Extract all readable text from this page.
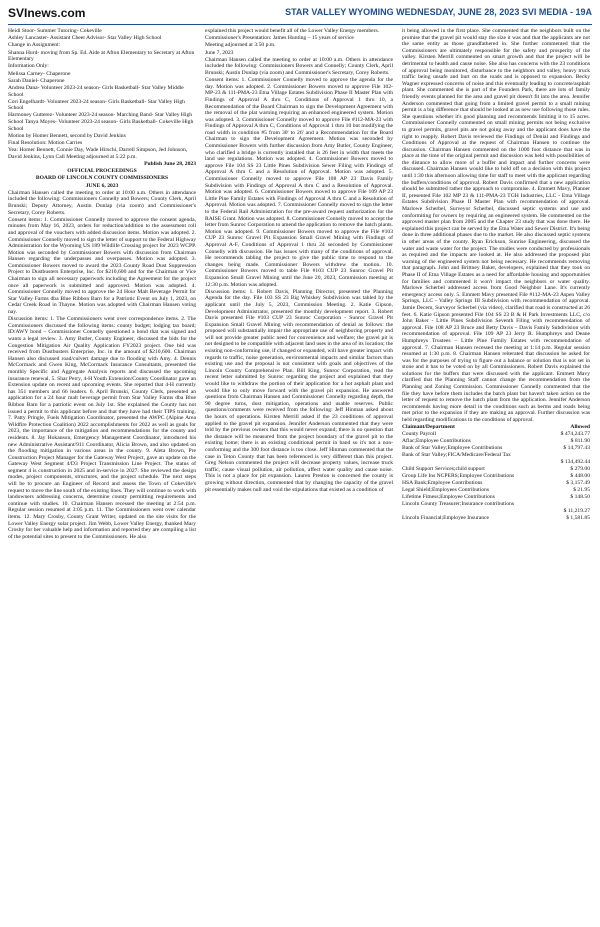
SVInews.com	STAR VALLEY WYOMING WEDNESDAY, JUNE 28, 2023 SVI MEDIA - 19A

Heidi Stoor- Summer Tutoring- Cokeville

Ashley Lancaster- Assistant Cheer Advisor- Star Valley High School

Change in Assignment:

Shanna Hurd- moving from Sp. Ed. Aide at Afton Elementary to Secretary at Afton Elementary

Information Only:

Melissa Carney- Chaperone

Sarah Daniel- Chaperone

Andrea Dana- Volunteer 2023-24 season- Girls Basketball- Star Valley Middle School

Cori Engelhardt- Volunteer 2023-24 season- Girls Basketball- Star Valley High School

Harmoney Gutterez- Volunteer 2023-24 season- Marching Band- Star Valley High School Tanya Moyes- Volunteer 2023-24 season- Girls Basketball- Cokeville High School

Motion by Homer Bennett, second by David Jenkins

Final Resolution: Motion Carries

Yea: Homer Bennett, Connie Day, Wade Hirschi, Darrell Simpson, Jed Johnson, David Jenkins, Lynn Call Meeting adjourned at 5:22 p.m.

Publish June 28, 2023

OFFICIAL PROCEEDINGS

BOARD OF LINCOLN COUNTY COMMISSIONERS

JUNE 6, 2023

Chairman Hansen called the meeting to order at 10:00 a.m. Others in attendance included the following: Commissioners Connelly and Bowers; County Clerk, April Brunski; Deputy Attorney, Austin Dunlap (via zoom) and Commissioner's Secretary, Corey Roberts.

Consent items: 1. Commissioner Connelly moved to approve the consent agenda, minutes from May 16, 2023, orders for reduction/addition to the assessment roll and approval of the vouchers with added discussion items. Motion was adopted. 2. Commissioner Connelly moved to sign the letter of support to the Federal Highway Administration for the Wyoming US 189 Wildlife Crossing project for 2023 WCPP. Motion was seconded by Commissioner Bowers with discussion from Chairman Hansen regarding the underpasses and overpasses. Motion was adopted. 3. Commissioner Bowers moved to award the 2023 County Road Dust Suppression Project to Dustbusters Enterprise, Inc. for $210,600 and for the Chairman or Vice Chairman to sign all necessary paperwork including the Agreement for the project once all paperwork is submitted and approved. Motion was adopted. 4. Commissioner Connelly moved to approve the 24 Hour Malt Beverage Permit for Star Valley Farms dba Blue Ribbon Barn for a Patriotic Event on July 1, 2023, on Cedar Creek Road in Thayne. Motion was adopted with Chairman Hansen voting nay.

Discussion items: 1. The Commissioners went over correspondence items. 2. The Commissioners discussed the following items: county budget; lodging tax board; ID/AWY bond – Commissioner Connelly questioned a bond that was signed and wants a legal review. 3. Amy Butler, County Engineer, discussed the bids for the Congestion Mitigation Air Quality Application FY2023 project. One bid was received from Dustbusters Enterprise, Inc. in the amount of $210,600. Chairman Hansen also discussed road/culvert damage due to flooding with Amy. 4. Dennis McCormack and Gwen King, McCormack Insurance Consultants, presented the monthly Specific and Aggregate Analysis reports and discussed the upcoming insurance renewal. 5. Shar Perry, 4-H Youth Extension/County Coordinator gave an Extension update on recent and upcoming events. She reported that 4-H currently has 351 members and 66 leaders. 6. April Brunski, County Clerk, presented an application for a 24 hour malt beverage permit from Star Valley Farms dba Blue Ribbon Barn for a patriotic event on July 1st. She explained the County has not issued a permit to this applicant before and that they have had their TIPS training. 7. Patty Pringle, Fuels Mitigation Coordinator, presented the AWPC (Alpine Area Wildfire Protection Coalition) 2022 accomplishments for 2022 as well as goals for 2023, the importance of the mitigation and recommendations for the county and residents. 8. Jay Hokanson, Emergency Management Coordinator, introduced his new Administrative Assistant/911 Coordinator, Alicia Brown, and also updated on the flooding mitigation in various areas in the county. 9. Aleta Brown, Pre Construction Project Manager for the Gateway West Project, gave an update on the Gateway West Segment 4/D3 Project Transmission Line Project. The status of segment 4 is construction in 2025 and in-service in 2027. She reviewed the design modes, project components, structures, and the project schedule. The next steps will be to procure an Engineer of Record and assess the Town of Cokeville's request to move the line south of the existing lines. They will continue to work with landowners addressing concerns, determine county permitting requirements and continue with studies. 10. Chairman Hansen recessed the meeting at 2:54 p.m. Regular session resumed at 3:05 p.m. 11. The Commissioners went over calendar items. 12. Mary Crosby, County Grant Writer, updated on the site visits for the Lower Valley Energy solar project. Jim Webb, Lower Valley Energy, thanked Mary Crosby for her valuable help and information and reported they are compiling a list of the potential sites to present to the Commissioners. He also

explained this project would benefit all of the Lower Valley Energy members.

Commissioner's Presentation: James Hunting – 15 years of service

Meeting adjourned at 3:50 p.m.

June 7, 2023

Chairman Hansen called the meeting to order at 10:00 a.m. Others in attendance included the following: Commissioners Bowers and Connelly; County Clerk, April Brunski; Austin Dunlap (via zoom) and Commissioner's Secretary, Corey Roberts.

Consent items: 1. Commissioner Connelly moved to approve the agenda for the day. Motion was adopted. 2. Commissioner Bowers moved to approve File 102-MP-23 & 111-PMA-23 Etna Village Estates Subdivision Phase II Master Plan with Findings of Approval A thru C, Conditions of Approval 1 thru 10, a Recommendation of the Board Chairman to sign the Development Agreement with the removal of the plat warning requiring an enhanced engineered system. Motion was adopted. 3. Commissioner Connelly moved to approve File #112-MA-23 with Findings of Approval A thru C, Conditions of Approval 1 thru 10 but modifying the road width in condition #5 from 30' to 26' and a Recommendation for the Board Chairman to sign the Development Agreement. Motion was seconded by Commissioner Bowers with further discussion from Amy Butler, County Engineer, who clarified a bridge is currently installed that is 26 feet in width that meets the land use regulations. Motion was adopted. 4. Commissioner Bowers moved to approve File 104 SS 23 Little Pines Subdivision Sewer Filing with Findings of Approval A thru C and a Resolution of Approval. Motion was adopted. 5. Commissioner Connelly moved to approve File 108 AP 23 Davis Family Subdivision with Findings of Approval A thru C and a Resolution of Approval. Motion was adopted. 6. Commissioner Bowers moved to approve File 109 AP 23 Little Pine Family Estates with Findings of Approval A thru C and a Resolution of Approval. Motion was adopted. 7. Commissioner Connelly moved to sign the letter to the Federal Rail Administration for the pre-award request authorization for the RAISE Grant. Motion was adopted. 8. Commissioner Connelly moved to accept the letter from Sunroc Corporation to amend the application to remove the batch plants. Motion was adopted. 9. Commissioner Bowers moved to approve the File #103 CUP 23 Sunroc Gravel Pit Expansion Small Gravel Mining with Findings of Approval A-F, Conditions of Approval 1 thru 24 seconded by Commissioner Connelly with discussion. He has issues with many of the conditions of approval. He recommends tabling the project to give the public time to respond to the changes being made. Commissioner Bowers withdrew the motion. 10. Commissioner Bowers moved to table File #103 CUP 23 Sunroc Gravel Pit Expansion Small Gravel Mining until the June 20, 2023, Commission meeting at 12:30 p.m. Motion was adopted.

Discussion items: 1. Robert Davis, Planning Director, presented the Planning Agenda for the day. File 103 SS 23 Big Whiskey Subdivision was tabled by the applicant until the July 5, 2023, Commission Meeting. 2. Katie Gipson, Development Administrator, presented the monthly development report. 3. Robert Davis presented File #103 CUP 23 Sunroc Corporation - Sunroc Gravel Pit Expansion Small Gravel Mining with recommendation of denial as follows: the proposed will substantially impair the appropriate use of neighboring property and will not provide greater public need for convenience and welfare; the gravel pit is not designed to be compatible with adjacent land uses in the area of its location; the existing non-conforming use, if changed or expanded, will have greater impact with regards to traffic, noise generation, environmental impacts and similar factors than existing use and the proposal is not consistent with goals and objectives of the Lincoln County Comprehensive Plan. Bill King, Sunroc Corporation, read the recent letter submitted by Sunroc regarding the project and explained that they would like to withdraw the portion of their application for a hot asphalt plant and would like to only move forward with the gravel pit expansion. He answered questions from Chairman Hansen and Commissioner Connelly regarding depth, the 90 degree turns, dust mitigation, operations and usable reserves. Public questions/comments were received from the following: Jeff Hinman asked about the hours of operations. Kirsten Merrill asked if the 23 conditions of approval applied to the gravel pit expansion. Jennifer Anderson commented that they were told by the previous owners that this would never expand; there is no question that the distance will be measured from the project boundary of the gravel pit to the existing home; there is an existing conditional permit in band so it's not a non-conforming and the 300 foot distance is too close. Jeff Hinman commented that the case in Teton County that has been referenced is very different than this project. Greg Nelson commented the project will decrease property values, increase truck traffic, cause visual pollution, air pollution, affect water quality and cause noise. This is not a place for pit expansion. Lauren Preston is concerned the county is growing without direction, commented that by changing the capacity of the gravel pit essentially makes null and void the stipulations that existed as a condition of

it being allowed in the first place. She commented that the neighbors built on the promise that the gravel pit would stay the size it was and that the applicants are not the same entity as those grandfathered in. She further commented that the Commissioners are ultimately responsible for the safety and prosperity of the valley. Kirsten Merrill commented on smart growth and that the project will be detrimental to health and cause noise. She also has concerns with the 23 conditions of approval being monitored, disturbance to the neighbors and valley, heavy truck traffic being unsafe and hurt on the roads and is opposed to expansion. Becky Wagner expressed concerns of noise and this eventually leading to concrete/asphalt plant. She commented she is part of the Founders Park, there are lots of family friendly events planned for the area and gravel pit doesn't fit into the area. Jennifer Anderson commented that going from a limited gravel permit to a small mining permit is a big difference that should be looked at as new use following those rules. She questions whether it's good planning and recommends limiting it to 15 acres. Commissioner Connelly commented on small mining permits not being exclusive to gravel permits, gravel pits are not going away and the applicant does have the right to reapply. Robert Davis reviewed the Findings of Denial and Findings and Conditions of Approval at the request of Chairman Hansen to continue the discussion. Chairman Hansen commented on the 1000 foot distance that was in place at the time of the original permit and discussion was held with possibilities of the distance to allow more of a buffer and impact and further concerns were discussed. Chairman Hansen would like to hold off on a decision with this project until 1:30 this afternoon allowing time for staff to meet with the applicant regarding the buffers/conditions of approval. Robert Davis confirmed that a new application should be submitted rather the approach to compromise. 4. Emmett Mavy, Planner II, presented File 102 MP 23 & 111-PMA-23 TGH Industries, LLC - Etna Village Estates Subdivision Phase II Master Plan with recommendation of approval. Marlowe Scherbel, Surveyor Scherbel, discussed septic systems and use and conformiting for owners by requiring an engineered system. He commented on the approved master plan from 2005 and the Chapter 23 study that was done there. He explained this project can be served by the Etna Water and Sewer District. It's being done in three additional phases due to the market. He also discussed septic systems in other areas of the county. Ryan Erickson, Sunrise Engineering, discussed the water and waste water for the project. The studies were conducted by professionals as required and the impacts are looked at. He also addressed the proposed plat warning of the engineered system not being necessary. He recommends removing that paragraph. John and Brittney Baker, developers, explained that they took on Phase II of Etna Village Estates as a need for affordable housing and opportunities for families and commented it won't impact the neighbors or water quality. Marlowe Scherbel addressed access from Good Neighbor Lane. It's currently emergency access only. 5. Emmett Mavy presented File #112-MA-23 Aspen Valley Springs, LLC - Valley Springs III Subdivision with recommendation of approval. Jamie Decem, Surveyor Scherbel (via video), clarified that road is constructed at 26 feet. 6. Katie Gipson presented File 104 SS 23 B & H Park Investments LLC, c/o John Baker - Little Pines Subdivision Seventh Filing with recommendation of approval. File 108 AP 23 Bruce and Betty Davis – Davis Family Subdivision with recommendation of approval. File 109 AP 23 Jerry R. Humphreys and Deane Humphreys Trustees – Little Pine Family Estates with recommendation of approval. 7. Chairman Hansen recessed the meeting at 1:14 p.m. Regular session resumed at 1:30 p.m. 8. Chairman Hansen reiterated that discussion he asked for was for the purposes of trying to figure out a balance or solution that is not set in stone and it has to be voted on by all Commissioners. Robert Davis explained the solutions for the buffers that were discussed with the applicant. Emmett Mavy clarified that the Planning Staff cannot change the recommendation from the Planning and Zoning Commission. Commissioner Connelly commented that the file they have before them includes the batch plant but haven't taken action on the letter of request to remove the batch plant from the application. Jennifer Anderson recommends having more detail in the conditions such as berms and roads being met prior to the expansion if they are making an approval. Further discussion was held regarding modifications to the conditions of approval.

Claimant/Department	Allowed
County Payroll	$ 474,243.77
Aflac;Employee Contributions	$ 811.90
Bank of Star Valley;Employee Contributions	$ 14,797.43
Bank of Star Valley;FICA/Medicare/Federal Tax	
	$ 134,492.44
Child Support Services;child support	$ 279.00
Group Life Ins NCPERS;Employee Contributions	$ 448.00
HSA Bank;Employee Contributions	$ 3,157.49
Legal Shield;Employees Contributions	$ 21.95
Lifetime Fitness;Employee Contributions	$ 148.50
Lincoln County Treasurer;Insurance contributions	
	$ 11,219.27
Lincoln Financial;Employee Insurance	$ 1,581.85
